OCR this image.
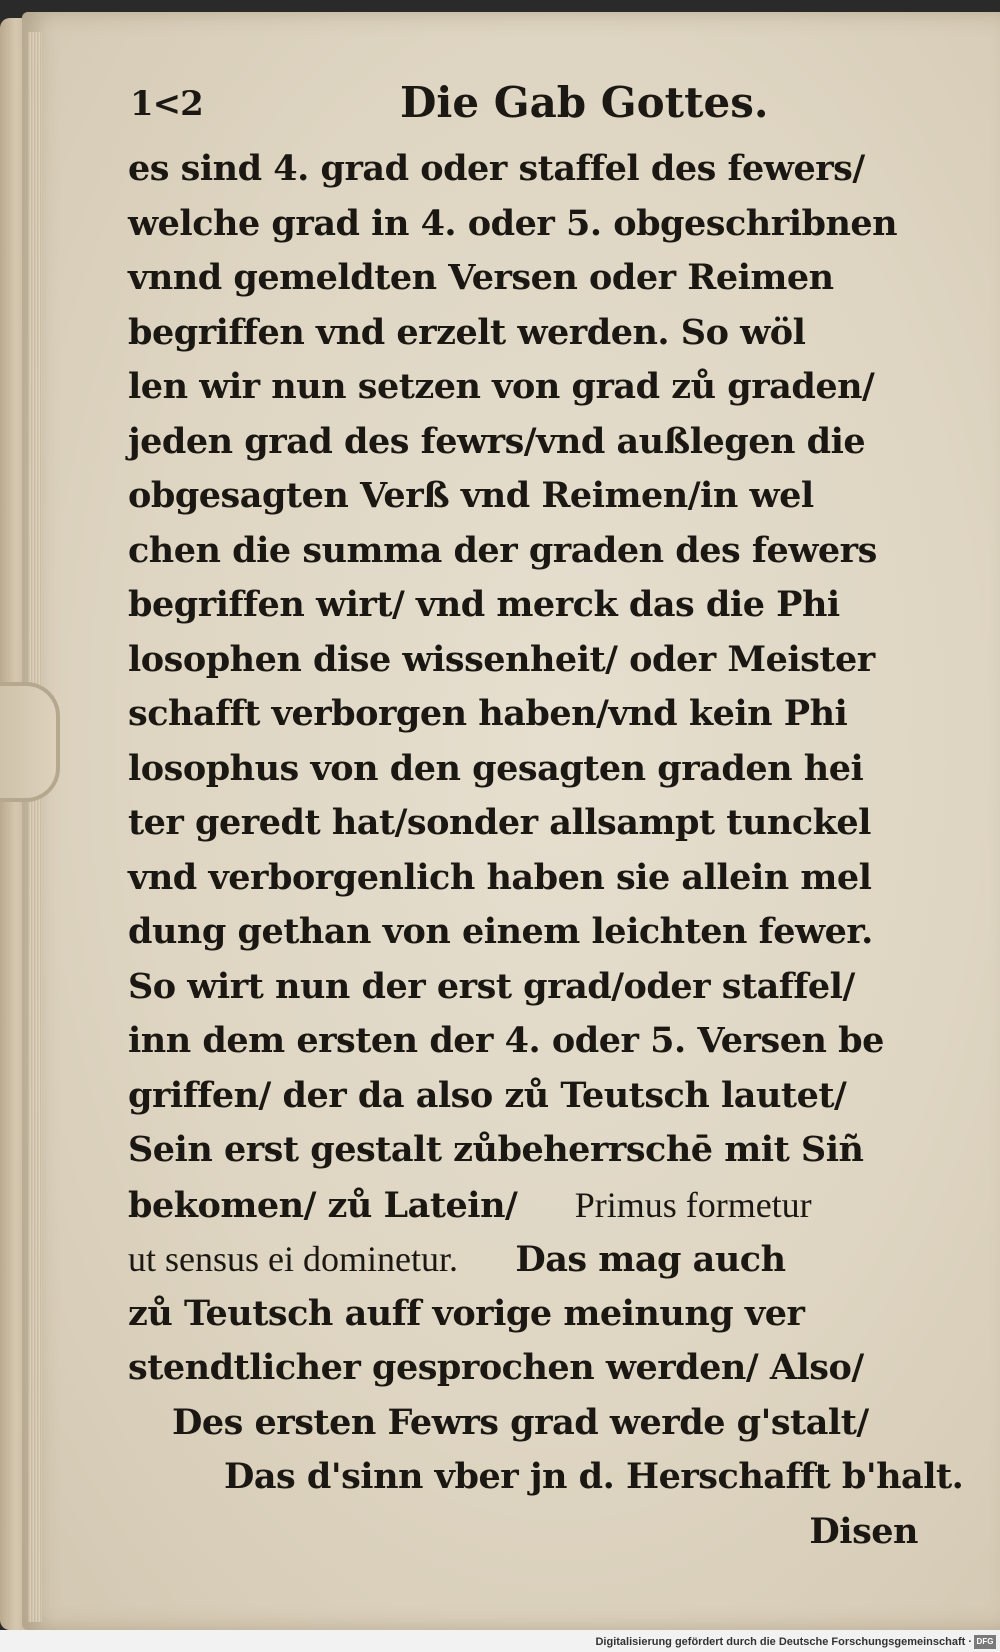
1<2	Die Gab Gottes.
es sind 4. grad oder staffel des fewers/
welche grad in 4. oder 5. obgeschribnen
vnnd gemeldten Versen oder Reimen
begriffen vnd erzelt werden. So wöl
len wir nun setzen von grad zů graden/
jeden grad des fewrs/vnd außlegen die
obgesagten Verß vnd Reimen/in wel
chen die summa der graden des fewers
begriffen wirt/ vnd merck das die Phi
losophen dise wissenheit/ oder Meister
schafft verborgen haben/vnd kein Phi
losophus von den gesagten graden hei
ter geredt hat/sonder allsampt tunckel
vnd verborgenlich haben sie allein mel
dung gethan von einem leichten fewer.
So wirt nun der erst grad/oder staffel/
inn dem ersten der 4. oder 5. Versen be
griffen/ der da also zů Teutsch lautet/
Sein erst gestalt zůbeherrschē mit Siñ
bekomen/ zů Latein/ Primus formetur
ut sensus ei dominetur. Das mag auch
zů Teutsch auff vorige meinung ver
stendtlicher gesprochen werden/ Also/
Des ersten Fewrs grad werde g'stalt/
Das d'sinn vber jn d. Herschafft b'halt.
Disen
Digitalisierung gefördert durch die Deutsche Forschungsgemeinschaft · DFG
